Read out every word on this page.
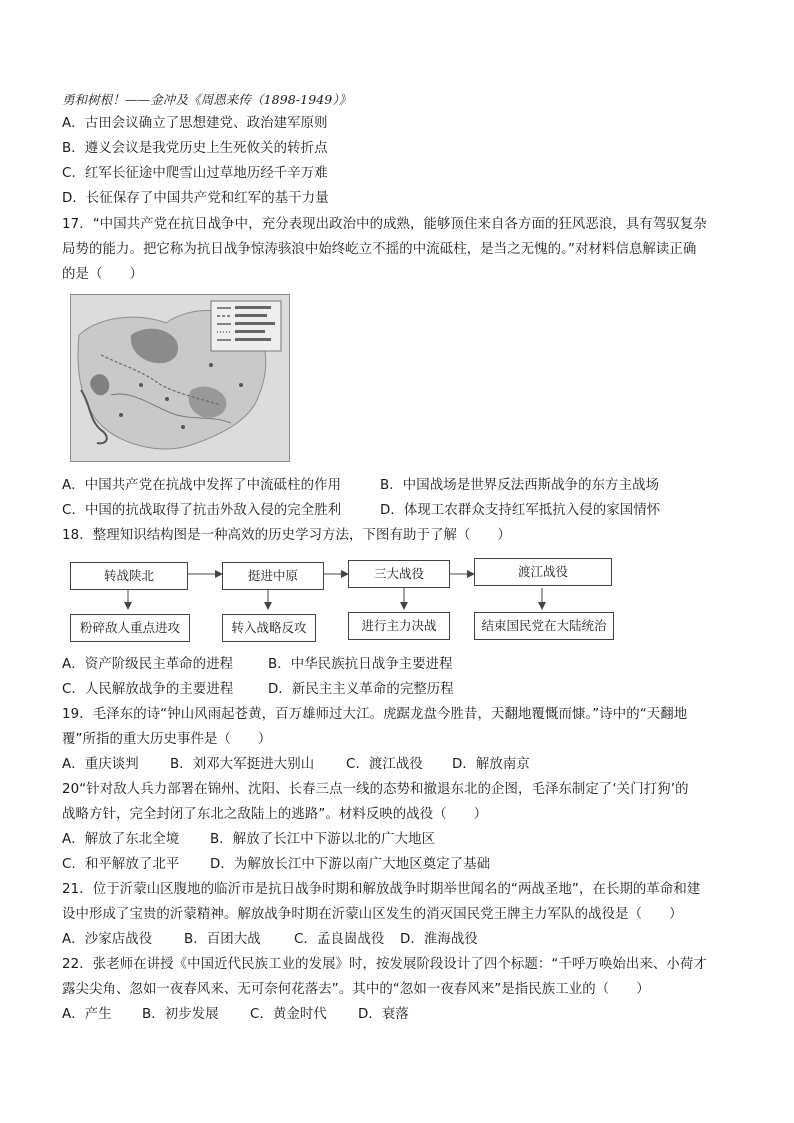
勇和树根！——金冲及《周恩来传（1898-1949）》
A．古田会议确立了思想建党、政治建军原则
B．遵义会议是我党历史上生死攸关的转折点
C．红军长征途中爬雪山过草地历经千辛万难
D．长征保存了中国共产党和红军的基干力量
17．“中国共产党在抗日战争中，充分表现出政治中的成熟，能够顶住来自各方面的狂风恶浪，具有驾驭复杂
局势的能力。把它称为抗日战争惊涛骇浪中始终屹立不摇的中流砥柱，是当之无愧的。”对材料信息解读正确
的是（　　）
A．中国共产党在抗战中发挥了中流砥柱的作用	B．中国战场是世界反法西斯战争的东方主战场
C．中国的抗战取得了抗击外敌入侵的完全胜利	D．体现工农群众支持红军抵抗入侵的家国情怀
18．整理知识结构图是一种高效的历史学习方法，下图有助于了解（　　）
转战陕北	挺进中原	三大战役	渡江战役
粉碎敌人重点进攻	转入战略反攻	进行主力决战	结束国民党在大陆统治
A．资产阶级民主革命的进程	B．中华民族抗日战争主要进程
C．人民解放战争的主要进程	D．新民主主义革命的完整历程
19．毛泽东的诗“钟山风雨起苍黄，百万雄师过大江。虎踞龙盘今胜昔，天翻地覆慨而慷。”诗中的“天翻地
覆”所指的重大历史事件是（　　）
A．重庆谈判 B．刘邓大军挺进大别山 C．渡江战役 D．解放南京
20“针对敌人兵力部署在锦州、沈阳、长春三点一线的态势和撤退东北的企图，毛泽东制定了‘关门打狗’的
战略方针，完全封闭了东北之敌陆上的逃路”。材料反映的战役（　　）
A．解放了东北全境 B．解放了长江中下游以北的广大地区
C．和平解放了北平 D．为解放长江中下游以南广大地区奠定了基础
21．位于沂蒙山区腹地的临沂市是抗日战争时期和解放战争时期举世闻名的“两战圣地”，在长期的革命和建
设中形成了宝贵的沂蒙精神。解放战争时期在沂蒙山区发生的消灭国民党王牌主力军队的战役是（　　）
A．沙家店战役 B．百团大战 C．孟良崮战役 D．淮海战役
22．张老师在讲授《中国近代民族工业的发展》时，按发展阶段设计了四个标题：“千呼万唤始出来、小荷才
露尖尖角、忽如一夜春风来、无可奈何花落去”。其中的“忽如一夜春风来”是指民族工业的（　　）
A．产生 B．初步发展 C．黄金时代 D．衰落
